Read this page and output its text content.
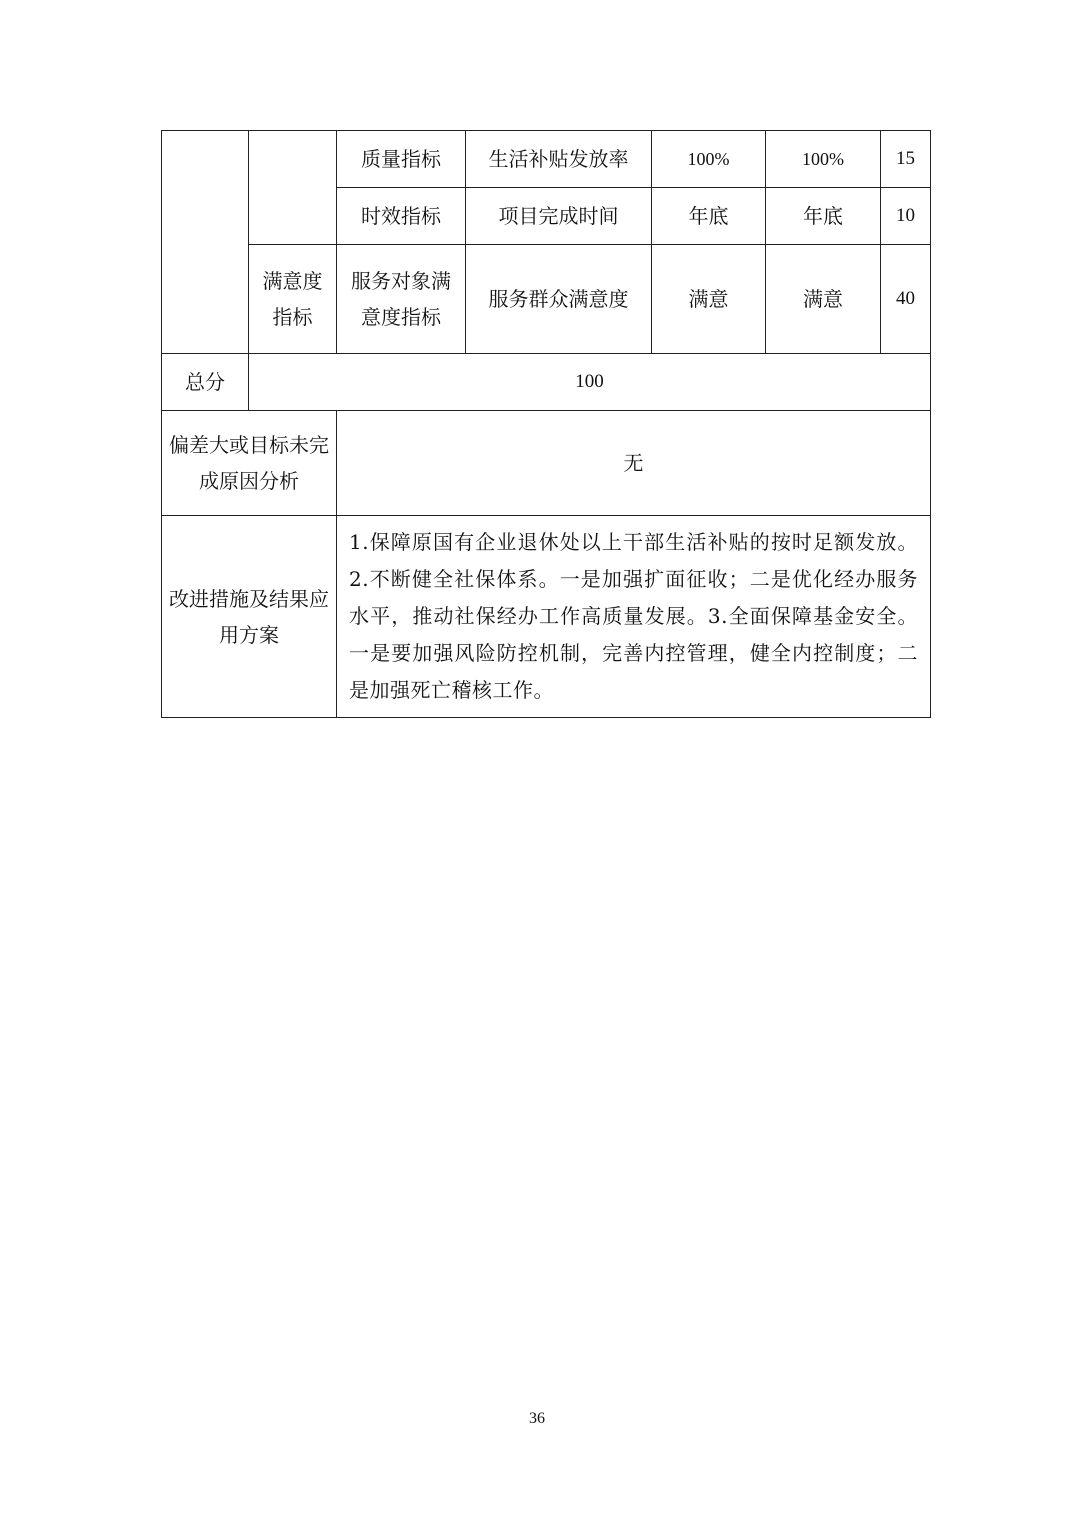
		质量指标	生活补贴发放率	100%	100%	15
		时效指标	项目完成时间	年底	年底	10
	满意度指标	服务对象满意度指标	服务群众满意度	满意	满意	40
总分	100					
偏差大或目标未完成原因分析		无				
改进措施及结果应用方案		1.保障原国有企业退休处以上干部生活补贴的按时足额发放。2.不断健全社保体系。一是加强扩面征收；二是优化经办服务水平，推动社保经办工作高质量发展。3.全面保障基金安全。一是要加强风险防控机制，完善内控管理，健全内控制度；二是加强死亡稽核工作。				
36
